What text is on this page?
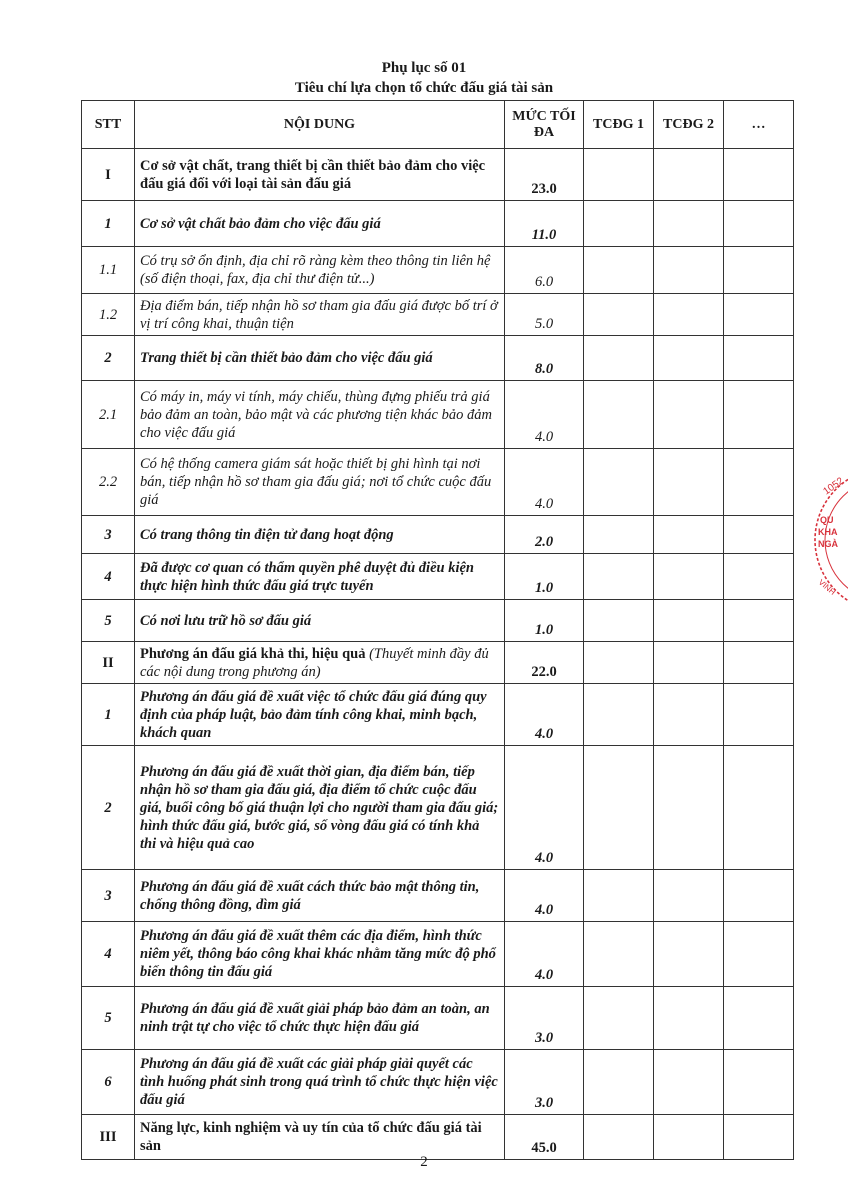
Phụ lục số 01
Tiêu chí lựa chọn tổ chức đấu giá tài sản
STT	NỘI DUNG	MỨC TỐI ĐA	TCĐG 1	TCĐG 2	…
I	Cơ sở vật chất, trang thiết bị cần thiết bảo đảm cho việc đấu giá đối với loại tài sản đấu giá	23.0			
1	Cơ sở vật chất bảo đảm cho việc đấu giá	11.0			
1.1	Có trụ sở ổn định, địa chỉ rõ ràng kèm theo thông tin liên hệ (số điện thoại, fax, địa chỉ thư điện tử...)	6.0			
1.2	Địa điểm bán, tiếp nhận hồ sơ tham gia đấu giá được bố trí ở vị trí công khai, thuận tiện	5.0			
2	Trang thiết bị cần thiết bảo đảm cho việc đấu giá	8.0			
2.1	Có máy in, máy vi tính, máy chiếu, thùng đựng phiếu trả giá bảo đảm an toàn, bảo mật và các phương tiện khác bảo đảm cho việc đấu giá	4.0			
2.2	Có hệ thống camera giám sát hoặc thiết bị ghi hình tại nơi bán, tiếp nhận hồ sơ tham gia đấu giá; nơi tổ chức cuộc đấu giá	4.0			
3	Có trang thông tin điện tử đang hoạt động	2.0			
4	Đã được cơ quan có thẩm quyền phê duyệt đủ điều kiện thực hiện hình thức đấu giá trực tuyến	1.0			
5	Có nơi lưu trữ hồ sơ đấu giá	1.0			
II	Phương án đấu giá khả thi, hiệu quả (Thuyết minh đầy đủ các nội dung trong phương án)	22.0			
1	Phương án đấu giá đề xuất việc tổ chức đấu giá đúng quy định của pháp luật, bảo đảm tính công khai, minh bạch, khách quan	4.0			
2	Phương án đấu giá đề xuất thời gian, địa điểm bán, tiếp nhận hồ sơ tham gia đấu giá, địa điểm tổ chức cuộc đấu giá, buổi công bố giá thuận lợi cho người tham gia đấu giá; hình thức đấu giá, bước giá, số vòng đấu giá có tính khả thi và hiệu quả cao	4.0			
3	Phương án đấu giá đề xuất cách thức bảo mật thông tin, chống thông đồng, dìm giá	4.0			
4	Phương án đấu giá đề xuất thêm các địa điểm, hình thức niêm yết, thông báo công khai khác nhằm tăng mức độ phổ biến thông tin đấu giá	4.0			
5	Phương án đấu giá đề xuất giải pháp bảo đảm an toàn, an ninh trật tự cho việc tổ chức thực hiện đấu giá	3.0			
6	Phương án đấu giá đề xuất các giải pháp giải quyết các tình huống phát sinh trong quá trình tổ chức thực hiện việc đấu giá	3.0			
III	Năng lực, kinh nghiệm và uy tín của tổ chức đấu giá tài sản	45.0			
2
1052
QU
KHA
NGÀ
VINH
